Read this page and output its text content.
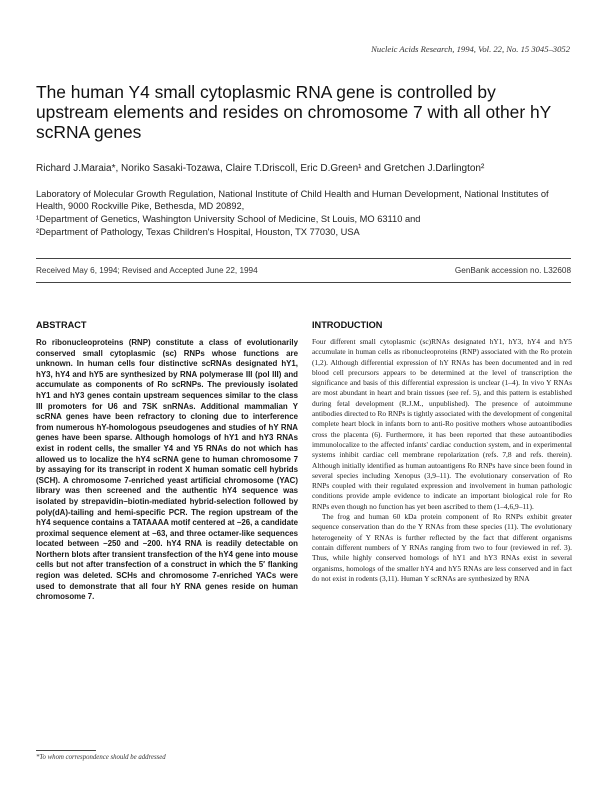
Nucleic Acids Research, 1994, Vol. 22, No. 15 3045–3052
The human Y4 small cytoplasmic RNA gene is controlled by upstream elements and resides on chromosome 7 with all other hY scRNA genes
Richard J.Maraia*, Noriko Sasaki-Tozawa, Claire T.Driscoll, Eric D.Green¹ and Gretchen J.Darlington²
Laboratory of Molecular Growth Regulation, National Institute of Child Health and Human Development, National Institutes of Health, 9000 Rockville Pike, Bethesda, MD 20892,
¹Department of Genetics, Washington University School of Medicine, St Louis, MO 63110 and
²Department of Pathology, Texas Children's Hospital, Houston, TX 77030, USA
Received May 6, 1994; Revised and Accepted June 22, 1994	GenBank accession no. L32608
ABSTRACT
Ro ribonucleoproteins (RNP) constitute a class of evolutionarily conserved small cytoplasmic (sc) RNPs whose functions are unknown. In human cells four distinctive scRNAs designated hY1, hY3, hY4 and hY5 are synthesized by RNA polymerase III (pol III) and accumulate as components of Ro scRNPs. The previously isolated hY1 and hY3 genes contain upstream sequences similar to the class III promoters for U6 and 7SK snRNAs. Additional mammalian Y scRNA genes have been refractory to cloning due to interference from numerous hY-homologous pseudogenes and studies of hY RNA genes have been sparse. Although homologs of hY1 and hY3 RNAs exist in rodent cells, the smaller Y4 and Y5 RNAs do not which has allowed us to localize the hY4 scRNA gene to human chromosome 7 by assaying for its transcript in rodent X human somatic cell hybrids (SCH). A chromosome 7-enriched yeast artificial chromosome (YAC) library was then screened and the authentic hY4 sequence was isolated by strepavidin–biotin-mediated hybrid-selection followed by poly(dA)-tailing and hemi-specific PCR. The region upstream of the hY4 sequence contains a TATAAAA motif centered at −26, a candidate proximal sequence element at −63, and three octamer-like sequences located between −250 and −200. hY4 RNA is readily detectable on Northern blots after transient transfection of the hY4 gene into mouse cells but not after transfection of a construct in which the 5′ flanking region was deleted. SCHs and chromosome 7-enriched YACs were used to demonstrate that all four hY RNA genes reside on human chromosome 7.
INTRODUCTION

Four different small cytoplasmic (sc)RNAs designated hY1, hY3, hY4 and hY5 accumulate in human cells as ribonucleoproteins (RNP) associated with the Ro protein (1,2). Although differential expression of hY RNAs has been documented and in red blood cell precursors appears to be determined at the level of transcription the significance and basis of this differential expression is unclear (1–4). In vivo Y RNAs are most abundant in heart and brain tissues (see ref. 5), and this pattern is established during fetal development (R.J.M., unpublished). The presence of autoimmune antibodies directed to Ro RNPs is tightly associated with the development of congenital complete heart block in infants born to anti-Ro positive mothers whose autoantibodies cross the placenta (6). Furthermore, it has been reported that these autoantibodies immunolocalize to the affected infants' cardiac conduction system, and in experimental systems inhibit cardiac cell membrane repolarization (refs. 7,8 and refs. therein). Although initially identified as human autoantigens Ro RNPs have since been found in several species including Xenopus (3,9–11). The evolutionary conservation of Ro RNPs coupled with their regulated expression and involvement in human pathologic conditions provide ample evidence to indicate an important biological role for Ro RNPs even though no function has yet been ascribed to them (1–4,6,9–11).

The frog and human 60 kDa protein component of Ro RNPs exhibit greater sequence conservation than do the Y RNAs from these species (11). The evolutionary heterogeneity of Y RNAs is further reflected by the fact that different organisms contain different numbers of Y RNAs ranging from two to four (reviewed in ref. 3). Thus, while highly conserved homologs of hY1 and hY3 RNAs exist in several organisms, homologs of the smaller hY4 and hY5 RNAs are less conserved and in fact do not exist in rodents (3,11). Human Y scRNAs are synthesized by RNA

*To whom correspondence should be addressed
